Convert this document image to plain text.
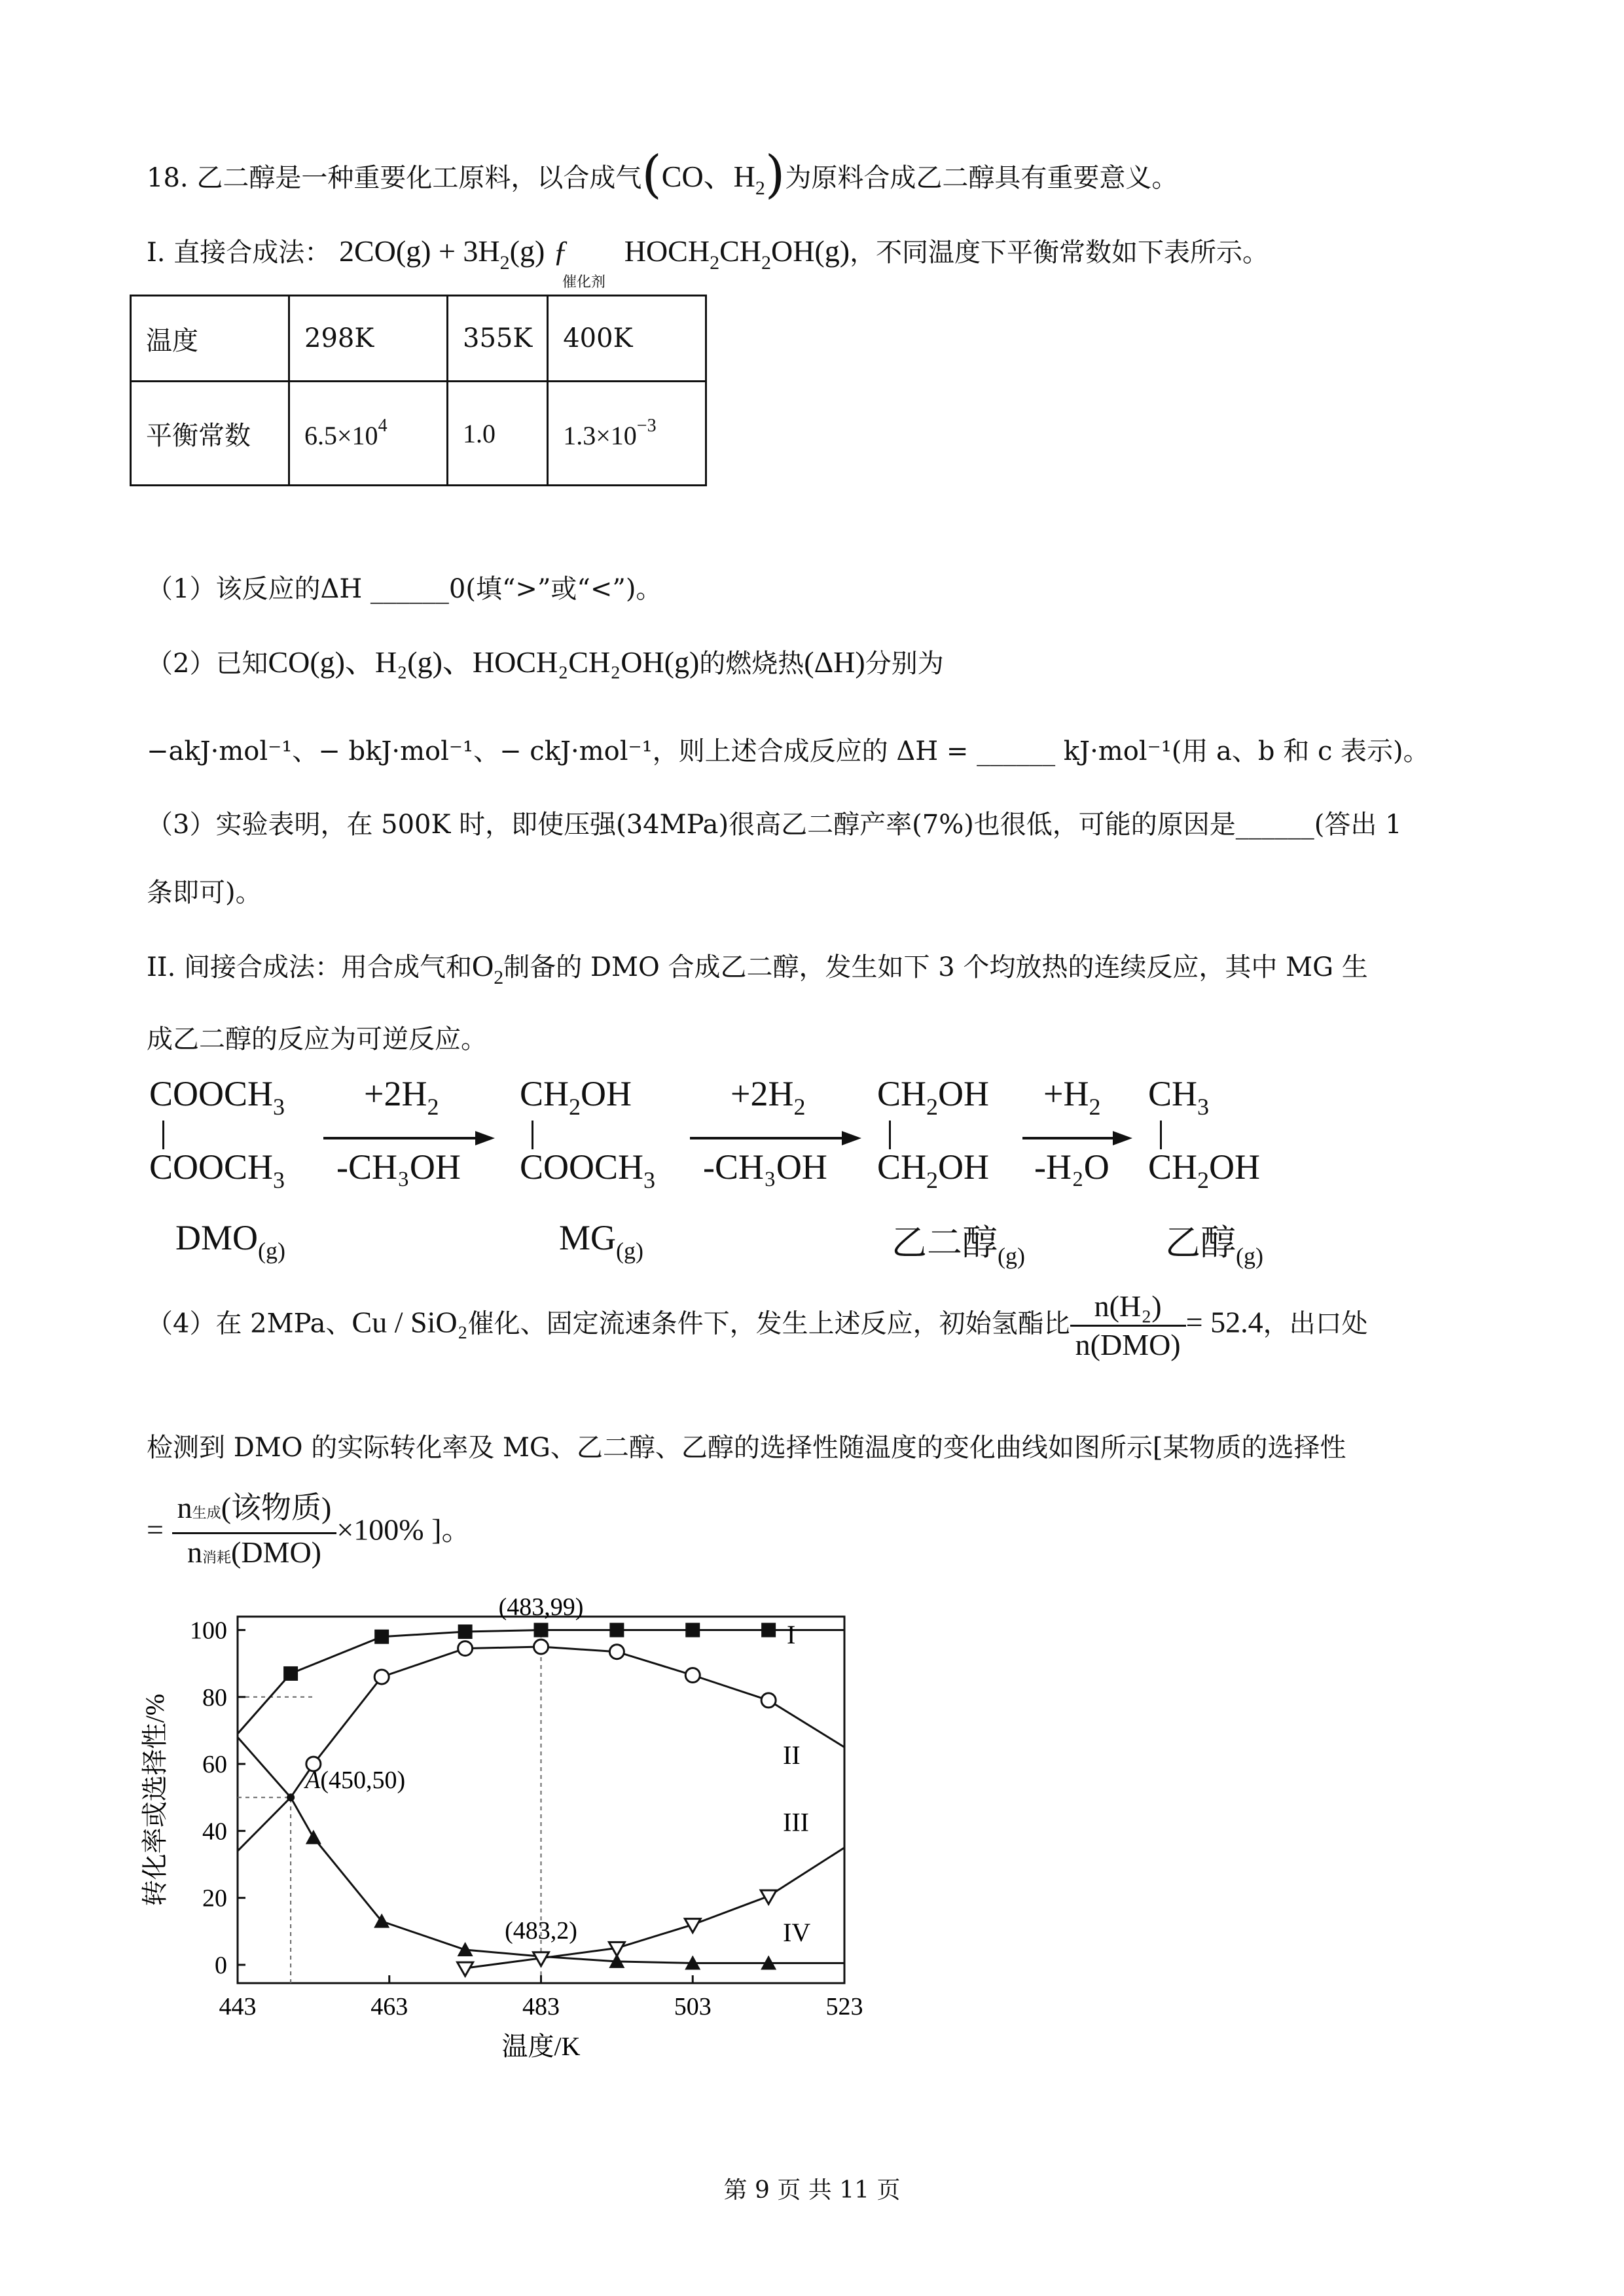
18. 乙二醇是一种重要化工原料，以合成气(CO、$H_2$)为原料合成乙二醇具有重要意义。
I. 直接合成法： $2CO(g) + 3H_2(g)$ ƒ
催化剂
$HOCH_2CH_2OH(g)$，不同温度下平衡常数如下表所示。
温度	298K	355K	400K
平衡常数	$6.5\times 10^4$	1.0	$1.3\times 10^{-3}$
（1）该反应的ΔH ______0(填“>”或“<”)。
（2）已知CO(g)、H₂(g)、HOCH₂CH₂OH(g)的燃烧热(ΔH)分别为
−akJ·mol⁻¹、− bkJ·mol⁻¹、− ckJ·mol⁻¹，则上述合成反应的 ΔH = ______ kJ·mol⁻¹(用 a、b 和 c 表示)。
（3）实验表明，在 500K 时，即使压强(34MPa)很高乙二醇产率(7%)也很低，可能的原因是______(答出 1
条即可)。
II. 间接合成法：用合成气和$O_2$制备的 DMO 合成乙二醇，发生如下 3 个均放热的连续反应，其中 MG 生
成乙二醇的反应为可逆反应。
$COOCH_3$
$COOCH_3$
$DMO_{(g)}$
$+2H_2$
-CH₃OH
$CH_2OH$
$COOCH_3$
$MG_{(g)}$
$+2H_2$
-CH₃OH
$CH_2OH$
$CH_2OH$
乙二醇$_{(g)}$
$+H_2$
-H₂O
$CH_3$
$CH_2OH$
乙醇$_{(g)}$
（4）在 2MPa、Cu / SiO₂催化、固定流速条件下，发生上述反应，初始氢酯比 $\frac{\text{n(H₂)}}{\text{n(DMO)}} = 52.4$，出口处
检测到 DMO 的实际转化率及 MG、乙二醇、乙醇的选择性随温度的变化曲线如图所示[某物质的选择性
= $\frac{\text{n生成(该物质)}}{\text{n消耗(DMO)}} \times 100\%$ ]。
0
20
40
60
80
100
443	463	483	503	523
温度/K
转化率或选择性/%
I
II
III
IV
(483,99)
A(450,50)
(483,2)
第 9 页 共 11 页
